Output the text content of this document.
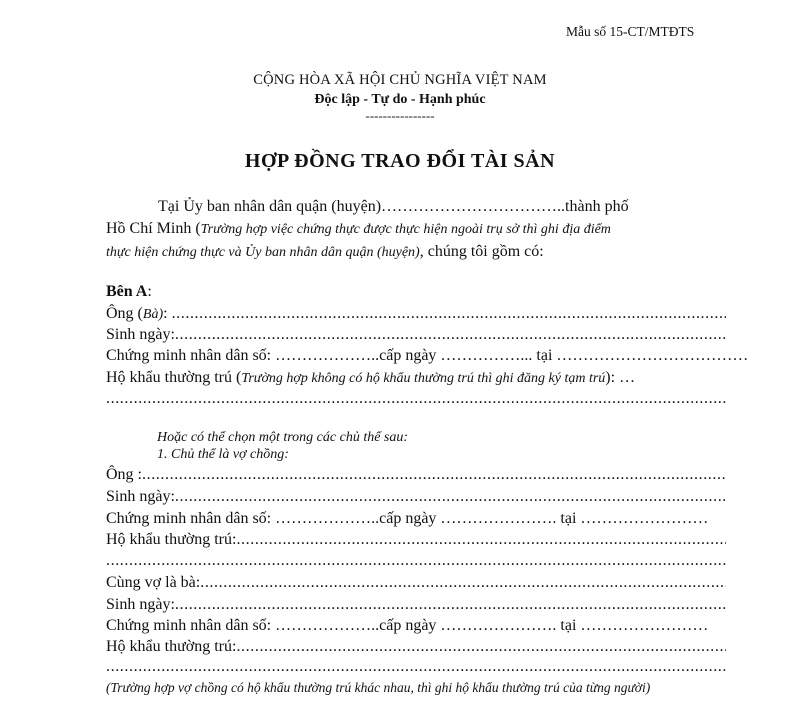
Mẫu số 15-CT/MTĐTS
CỘNG HÒA XÃ HỘI CHỦ NGHĨA VIỆT NAM
Độc lập - Tự do - Hạnh phúc
----------------
HỢP ĐỒNG TRAO ĐỔI TÀI SẢN
Tại Ủy ban nhân dân quận (huyện)……………………………..thành phố
Hồ Chí Minh (Trường hợp việc chứng thực được thực hiện ngoài trụ sở thì ghi địa điểm
thực hiện chứng thực và Ủy ban nhân dân quận (huyện), chúng tôi gồm có:
Bên A:
Ông (Bà):
.....
Sinh ngày:
.....
Chứng minh nhân dân số: ………………..cấp ngày ……………... tại ………………………………
Hộ khẩu thường trú (Trường hợp không có hộ khẩu thường trú thì ghi đăng ký tạm trú): …
.....
Hoặc có thể chọn một trong các chủ thể sau:
1. Chủ thể là vợ chồng:
Ông :
.....
Sinh ngày:
.....
Chứng minh nhân dân số: ………………..cấp ngày …………………. tại ……………………
Hộ khẩu thường trú:
.....
.....
Cùng vợ là bà:
.....
Sinh ngày:
.....
Chứng minh nhân dân số: ………………..cấp ngày …………………. tại ……………………
Hộ khẩu thường trú:
.....
.....
(Trường hợp vợ chồng có hộ khẩu thường trú khác nhau, thì ghi hộ khẩu thường trú của từng người)
